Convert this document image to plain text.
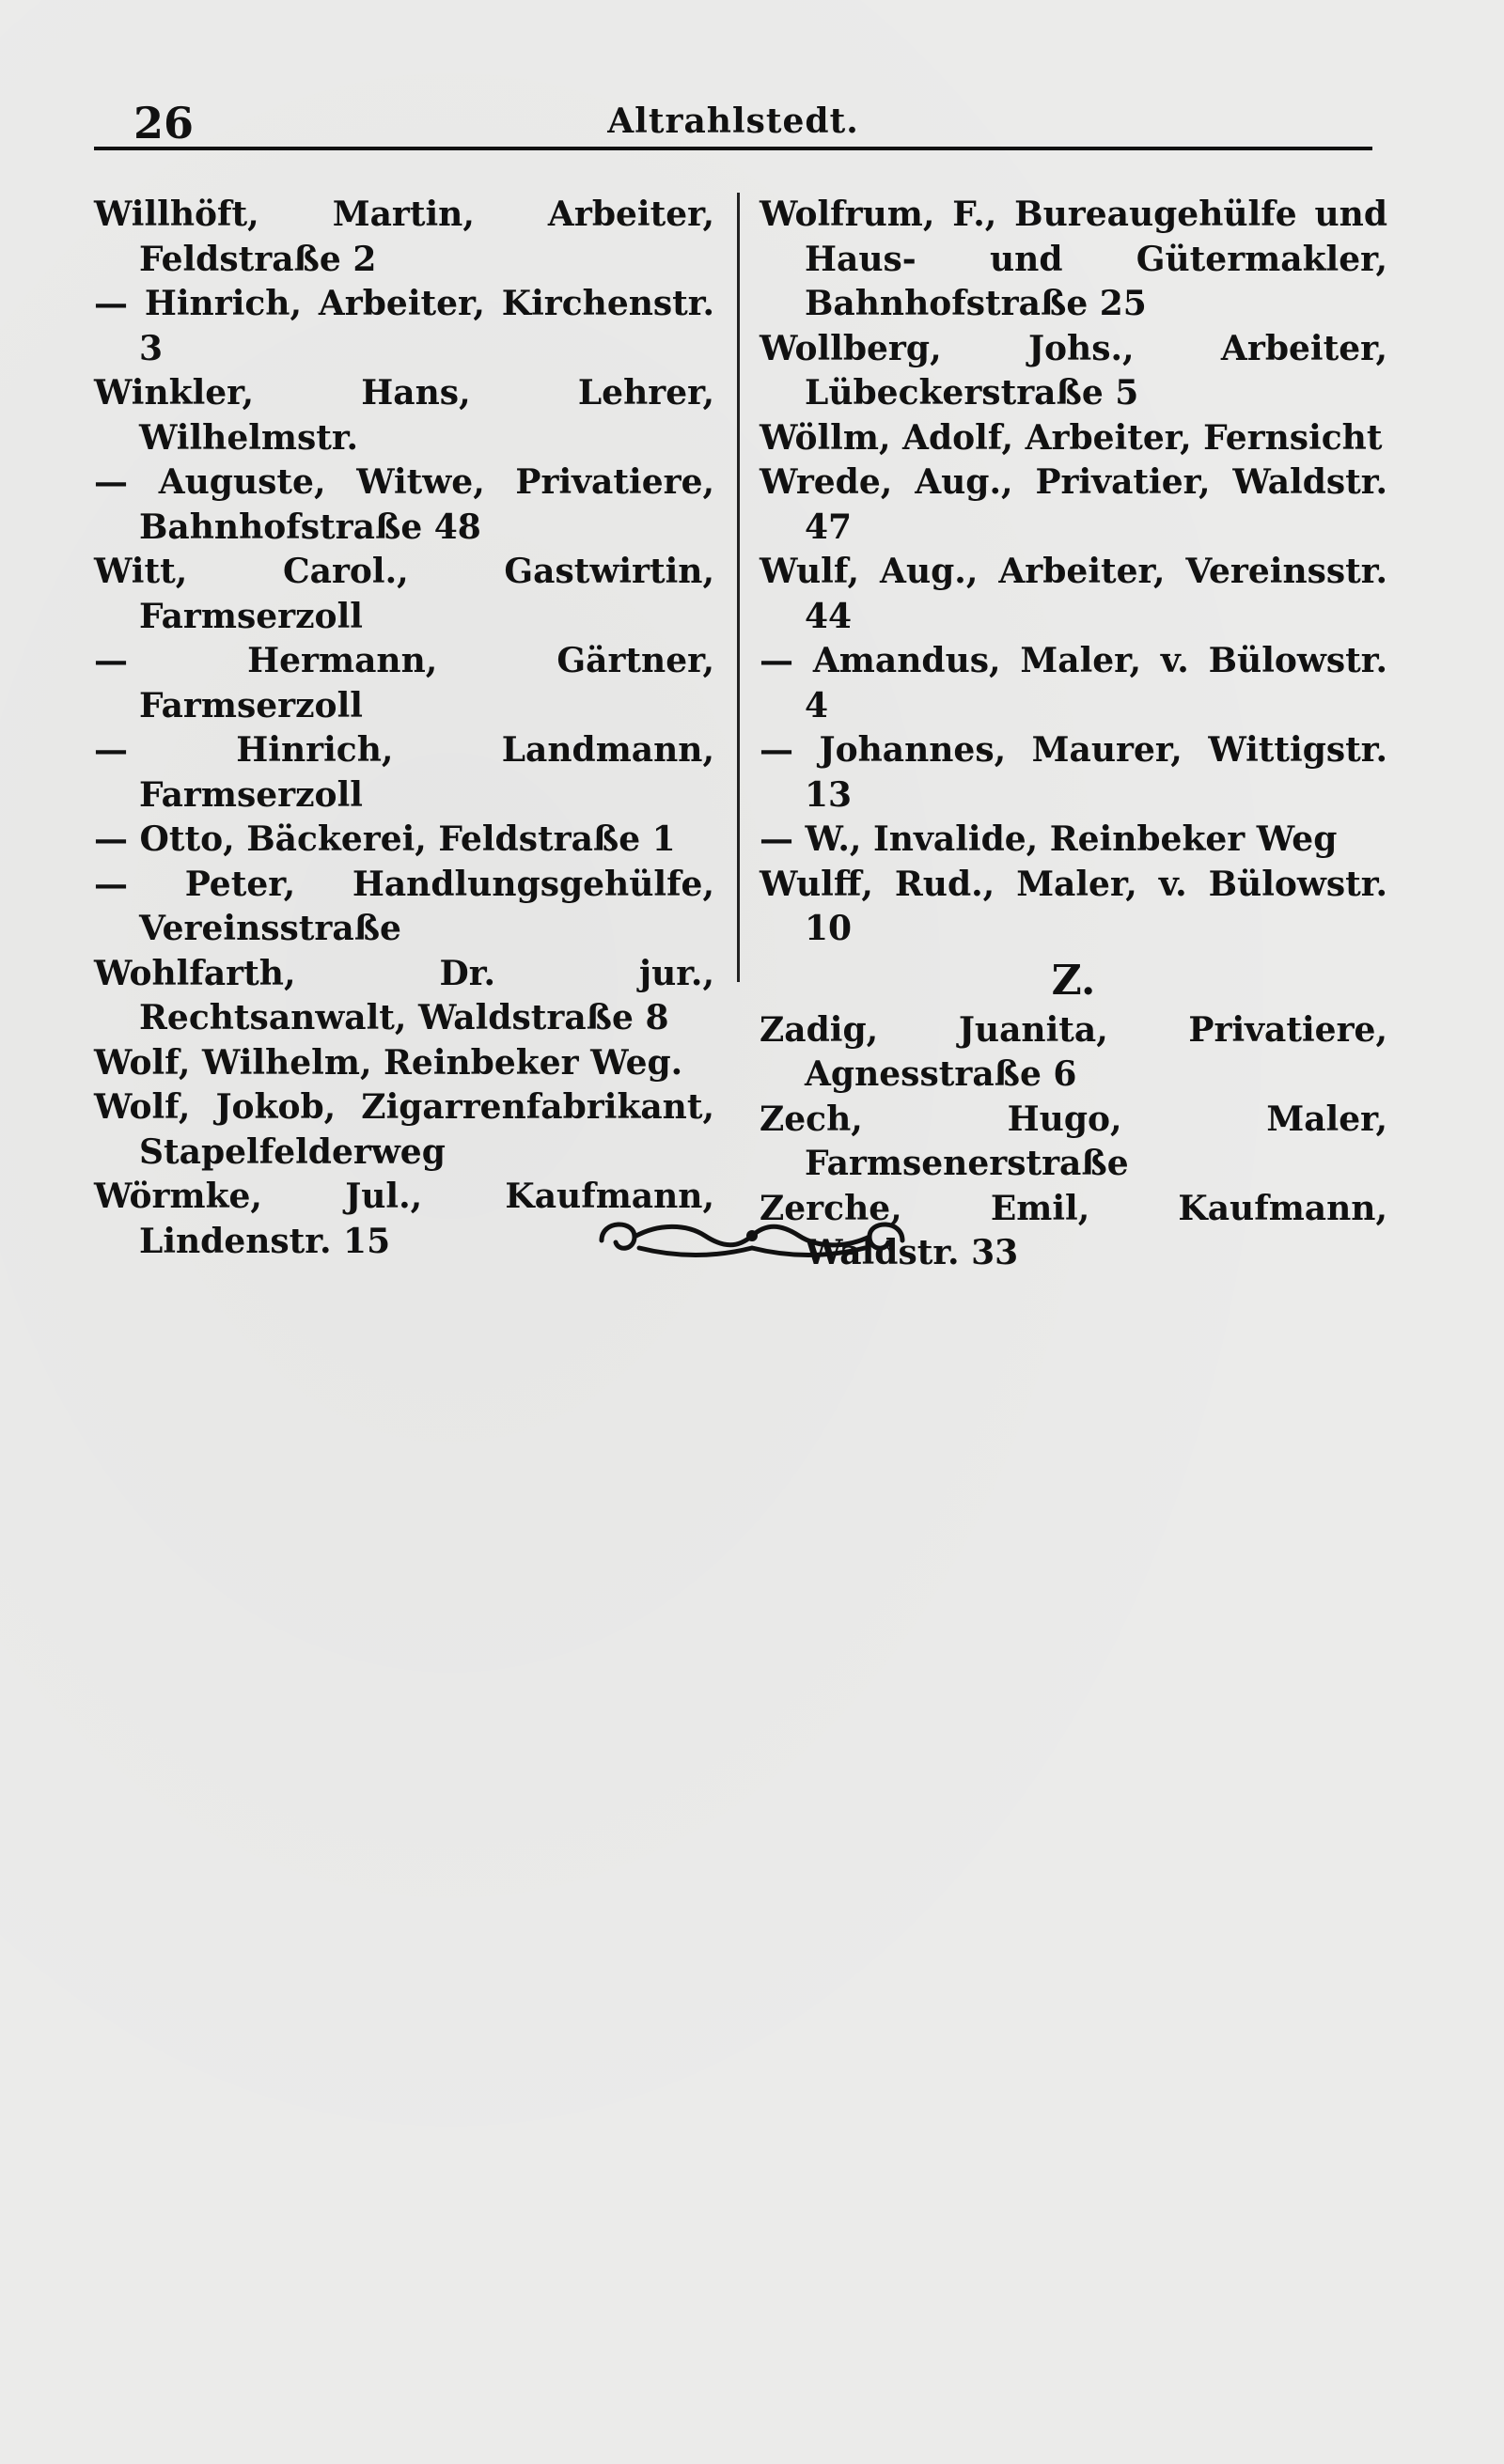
26	Altrahlstedt.
Willhöft, Martin, Arbeiter, Feldstraße 2
— Hinrich, Arbeiter, Kirchenstr. 3
Winkler, Hans, Lehrer, Wilhelmstr.
— Auguste, Witwe, Privatiere, Bahnhofstraße 48
Witt, Carol., Gastwirtin, Farmserzoll
— Hermann, Gärtner, Farmserzoll
— Hinrich, Landmann, Farmserzoll
— Otto, Bäckerei, Feldstraße 1
— Peter, Handlungsgehülfe, Vereinsstraße
Wohlfarth, Dr. jur., Rechtsanwalt, Waldstraße 8
Wolf, Wilhelm, Reinbeker Weg.
Wolf, Jokob, Zigarrenfabrikant, Stapelfelderweg
Wörmke, Jul., Kaufmann, Lindenstr. 15
Wolfrum, F., Bureaugehülfe und Haus- und Gütermakler, Bahnhofstraße 25
Wollberg, Johs., Arbeiter, Lübeckerstraße 5
Wöllm, Adolf, Arbeiter, Fernsicht
Wrede, Aug., Privatier, Waldstr. 47
Wulf, Aug., Arbeiter, Vereinsstr. 44
— Amandus, Maler, v. Bülowstr. 4
— Johannes, Maurer, Wittigstr. 13
— W., Invalide, Reinbeker Weg
Wulff, Rud., Maler, v. Bülowstr. 10
Z.
Zadig, Juanita, Privatiere, Agnesstraße 6
Zech, Hugo, Maler, Farmsenerstraße
Zerche, Emil, Kaufmann, Waldstr. 33
